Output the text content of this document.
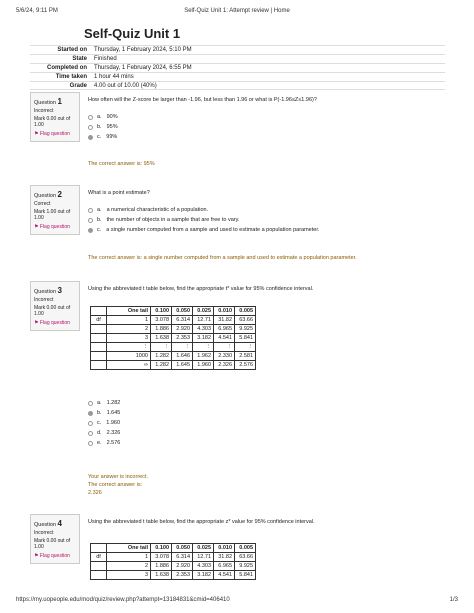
5/6/24, 9:11 PM	Self-Quiz Unit 1: Attempt review | Home
Self-Quiz Unit 1
Started on	Thursday, 1 February 2024, 5:10 PM
State	Finished
Completed on	Thursday, 1 February 2024, 6:55 PM
Time taken	1 hour 44 mins
Grade	4.00 out of 10.00 (40%)
Question 1
Incorrect
Mark 0.00 out of 1.00
⚑ Flag question
How often will the Z-score be larger than -1.96, but less than 1.96 or what is P(-1.96≤Z≤1.96)?
a. 90%
b. 95%
c. 99%
The correct answer is: 95%
Question 2
Correct
Mark 1.00 out of 1.00
⚑ Flag question
What is a point estimate?
a. a numerical characteristic of a population.
b. the number of objects in a sample that are free to vary.
c. a single number computed from a sample and used to estimate a population parameter.
The correct answer is: a single number computed from a sample and used to estimate a population parameter.
Question 3
Incorrect
Mark 0.00 out of 1.00
⚑ Flag question
Using the abbreviated t table below, find the appropriate t* value for 95% confidence interval.
	One tail	0.100	0.050	0.025	0.010	0.005
df	1	3.078	6.314	12.71	31.82	63.66
	2	1.886	2.920	4.303	6.965	9.925
	3	1.638	2.353	3.182	4.541	5.841
	⋮	⋮	⋮	⋮	⋮	⋮
	1000	1.282	1.646	1.962	2.330	2.581
	∞	1.282	1.645	1.960	2.326	2.576
a. 1.282
b. 1.645
c. 1.960
d. 2.326
e. 2.576
Your answer is incorrect.
The correct answer is:
2.326
Question 4
Incorrect
Mark 0.00 out of 1.00
⚑ Flag question
Using the abbreviated t table below, find the appropriate z* value for 95% confidence interval.
	One tail	0.100	0.050	0.025	0.010	0.005
df	1	3.078	6.314	12.71	31.82	63.66
	2	1.886	2.920	4.303	6.965	9.925
	3	1.638	2.353	3.182	4.541	5.841
https://my.uopeople.edu/mod/quiz/review.php?attempt=13184831&cmid=406410	1/3
